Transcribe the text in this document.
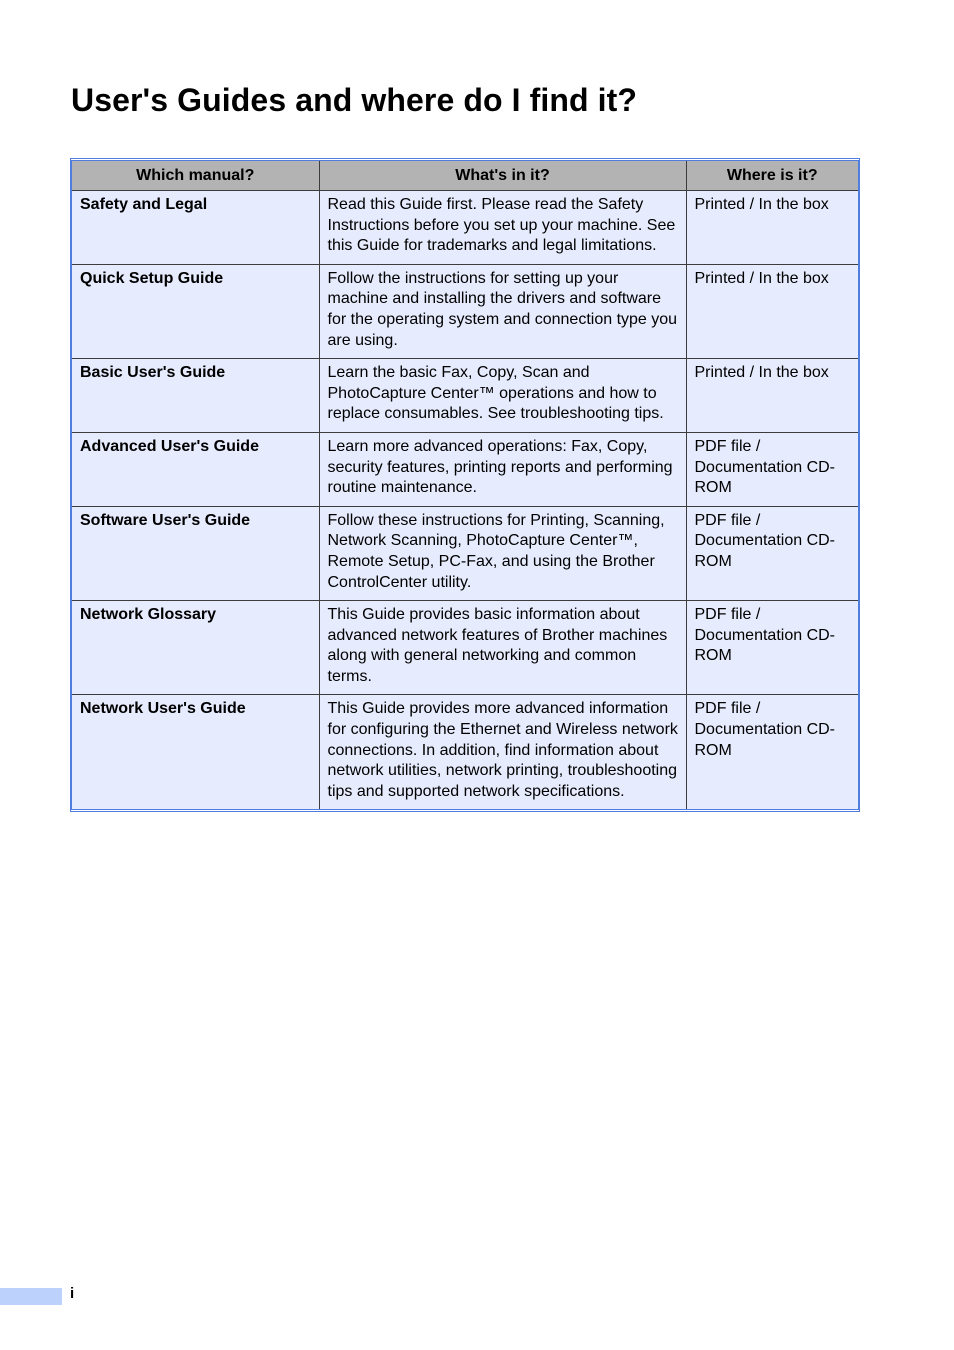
User's Guides and where do I find it?
Which manual?	What's in it?	Where is it?
Safety and Legal	Read this Guide first. Please read the Safety Instructions before you set up your machine. See this Guide for trademarks and legal limitations.	Printed / In the box
Quick Setup Guide	Follow the instructions for setting up your machine and installing the drivers and software for the operating system and connection type you are using.	Printed / In the box
Basic User's Guide	Learn the basic Fax, Copy, Scan and PhotoCapture Center™ operations and how to replace consumables. See troubleshooting tips.	Printed / In the box
Advanced User's Guide	Learn more advanced operations: Fax, Copy, security features, printing reports and performing routine maintenance.	PDF file / Documentation CD-ROM
Software User's Guide	Follow these instructions for Printing, Scanning, Network Scanning, PhotoCapture Center™, Remote Setup, PC-Fax, and using the Brother ControlCenter utility.	PDF file / Documentation CD-ROM
Network Glossary	This Guide provides basic information about advanced network features of Brother machines along with general networking and common terms.	PDF file / Documentation CD-ROM
Network User's Guide	This Guide provides more advanced information for configuring the Ethernet and Wireless network connections. In addition, find information about network utilities, network printing, troubleshooting tips and supported network specifications.	PDF file / Documentation CD-ROM
i
